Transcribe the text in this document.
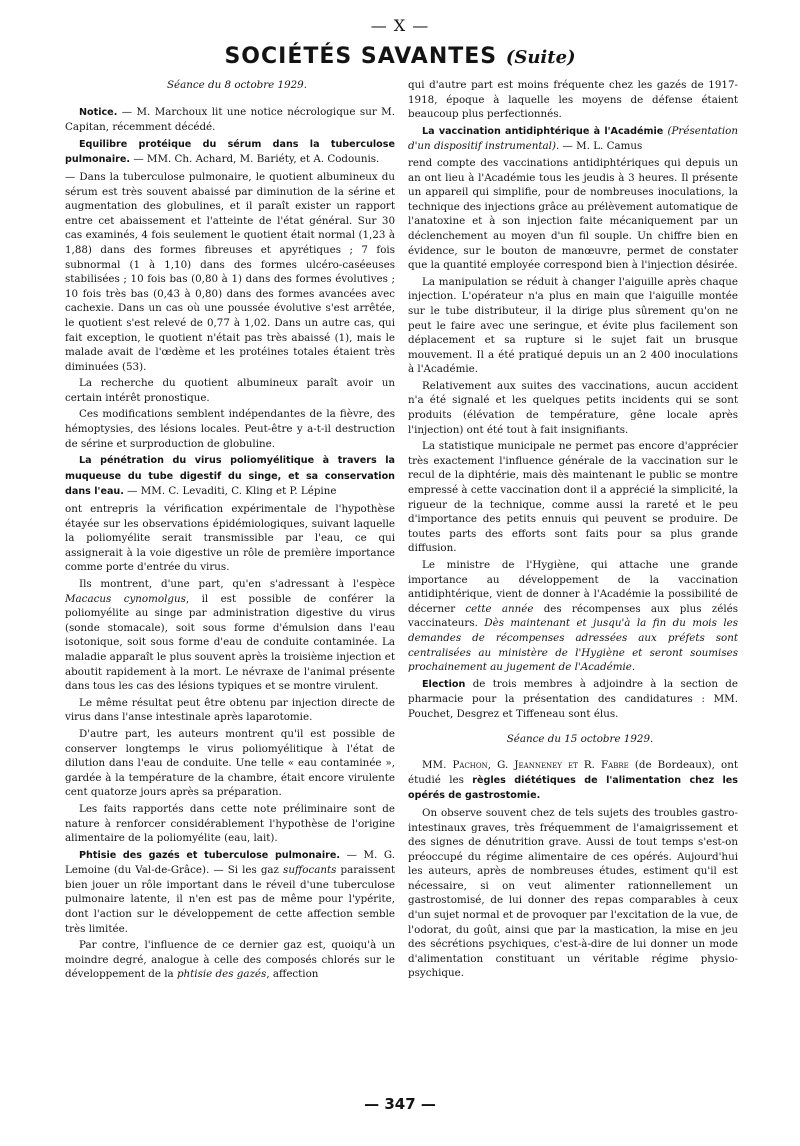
— X —
SOCIÉTÉS SAVANTES (Suite)

Séance du 8 octobre 1929.

Notice. — M. Marchoux lit une notice nécrologique sur M. Capitan, récemment décédé.

Equilibre protéique du sérum dans la tuberculose pulmonaire. — MM. Ch. Achard, M. Bariéty, et A. Codounis.

— Dans la tuberculose pulmonaire, le quotient albumineux du sérum est très souvent abaissé par diminution de la sérine et augmentation des globulines, et il paraît exister un rapport entre cet abaissement et l'atteinte de l'état général. Sur 30 cas examinés, 4 fois seulement le quotient était normal (1,23 à 1,88) dans des formes fibreuses et apyrétiques ; 7 fois subnormal (1 à 1,10) dans des formes ulcéro-caséeuses stabilisées ; 10 fois bas (0,80 à 1) dans des formes évolutives ; 10 fois très bas (0,43 à 0,80) dans des formes avancées avec cachexie. Dans un cas où une poussée évolutive s'est arrêtée, le quotient s'est relevé de 0,77 à 1,02. Dans un autre cas, qui fait exception, le quotient n'était pas très abaissé (1), mais le malade avait de l'œdème et les protéines totales étaient très diminuées (53).

La recherche du quotient albumineux paraît avoir un certain intérêt pronostique.

Ces modifications semblent indépendantes de la fièvre, des hémoptysies, des lésions locales. Peut-être y a-t-il destruction de sérine et surproduction de globuline.

La pénétration du virus poliomyélitique à travers la muqueuse du tube digestif du singe, et sa conservation dans l'eau. — MM. C. Levaditi, C. Kling et P. Lépine

ont entrepris la vérification expérimentale de l'hypothèse étayée sur les observations épidémiologiques, suivant laquelle la poliomyélite serait transmissible par l'eau, ce qui assignerait à la voie digestive un rôle de première importance comme porte d'entrée du virus.

Ils montrent, d'une part, qu'en s'adressant à l'espèce Macacus cynomolgus, il est possible de conférer la poliomyélite au singe par administration digestive du virus (sonde stomacale), soit sous forme d'émulsion dans l'eau isotonique, soit sous forme d'eau de conduite contaminée. La maladie apparaît le plus souvent après la troisième injection et aboutit rapidement à la mort. Le névraxe de l'animal présente dans tous les cas des lésions typiques et se montre virulent.

Le même résultat peut être obtenu par injection directe de virus dans l'anse intestinale après laparotomie.

D'autre part, les auteurs montrent qu'il est possible de conserver longtemps le virus poliomyélitique à l'état de dilution dans l'eau de conduite. Une telle « eau contaminée », gardée à la température de la chambre, était encore virulente cent quatorze jours après sa préparation.

Les faits rapportés dans cette note préliminaire sont de nature à renforcer considérablement l'hypothèse de l'origine alimentaire de la poliomyélite (eau, lait).

Phtisie des gazés et tuberculose pulmonaire. — M. G. Lemoine (du Val-de-Grâce). — Si les gaz suffocants paraissent bien jouer un rôle important dans le réveil d'une tuberculose pulmonaire latente, il n'en est pas de même pour l'ypérite, dont l'action sur le développement de cette affection semble très limitée.

Par contre, l'influence de ce dernier gaz est, quoiqu'à un moindre degré, analogue à celle des composés chlorés sur le développement de la phtisie des gazés, affection

qui d'autre part est moins fréquente chez les gazés de 1917-1918, époque à laquelle les moyens de défense étaient beaucoup plus perfectionnés.

La vaccination antidiphtérique à l'Académie (Présentation d'un dispositif instrumental). — M. L. Camus

rend compte des vaccinations antidiphtériques qui depuis un an ont lieu à l'Académie tous les jeudis à 3 heures. Il présente un appareil qui simplifie, pour de nombreuses inoculations, la technique des injections grâce au prélèvement automatique de l'anatoxine et à son injection faite mécaniquement par un déclenchement au moyen d'un fil souple. Un chiffre bien en évidence, sur le bouton de manœuvre, permet de constater que la quantité employée correspond bien à l'injection désirée.

La manipulation se réduit à changer l'aiguille après chaque injection. L'opérateur n'a plus en main que l'aiguille montée sur le tube distributeur, il la dirige plus sûrement qu'on ne peut le faire avec une seringue, et évite plus facilement son déplacement et sa rupture si le sujet fait un brusque mouvement. Il a été pratiqué depuis un an 2 400 inoculations à l'Académie.

Relativement aux suites des vaccinations, aucun accident n'a été signalé et les quelques petits incidents qui se sont produits (élévation de température, gêne locale après l'injection) ont été tout à fait insignifiants.

La statistique municipale ne permet pas encore d'apprécier très exactement l'influence générale de la vaccination sur le recul de la diphtérie, mais dès maintenant le public se montre empressé à cette vaccination dont il a apprécié la simplicité, la rigueur de la technique, comme aussi la rareté et le peu d'importance des petits ennuis qui peuvent se produire. De toutes parts des efforts sont faits pour sa plus grande diffusion.

Le ministre de l'Hygiène, qui attache une grande importance au développement de la vaccination antidiphtérique, vient de donner à l'Académie la possibilité de décerner cette année des récompenses aux plus zélés vaccinateurs. Dès maintenant et jusqu'à la fin du mois les demandes de récompenses adressées aux préfets sont centralisées au ministère de l'Hygiène et seront soumises prochainement au jugement de l'Académie.

Election de trois membres à adjoindre à la section de pharmacie pour la présentation des candidatures : MM. Pouchet, Desgrez et Tiffeneau sont élus.

Séance du 15 octobre 1929.

MM. Pachon, G. Jeanneney et R. Fabre (de Bordeaux), ont étudié les règles diététiques de l'alimentation chez les opérés de gastrostomie.

On observe souvent chez de tels sujets des troubles gastro-intestinaux graves, très fréquemment de l'amaigrissement et des signes de dénutrition grave. Aussi de tout temps s'est-on préoccupé du régime alimentaire de ces opérés. Aujourd'hui les auteurs, après de nombreuses études, estiment qu'il est nécessaire, si on veut alimenter rationnellement un gastrostomisé, de lui donner des repas comparables à ceux d'un sujet normal et de provoquer par l'excitation de la vue, de l'odorat, du goût, ainsi que par la mastication, la mise en jeu des sécrétions psychiques, c'est-à-dire de lui donner un mode d'alimentation constituant un véritable régime physio-psychique.

— 347 —
